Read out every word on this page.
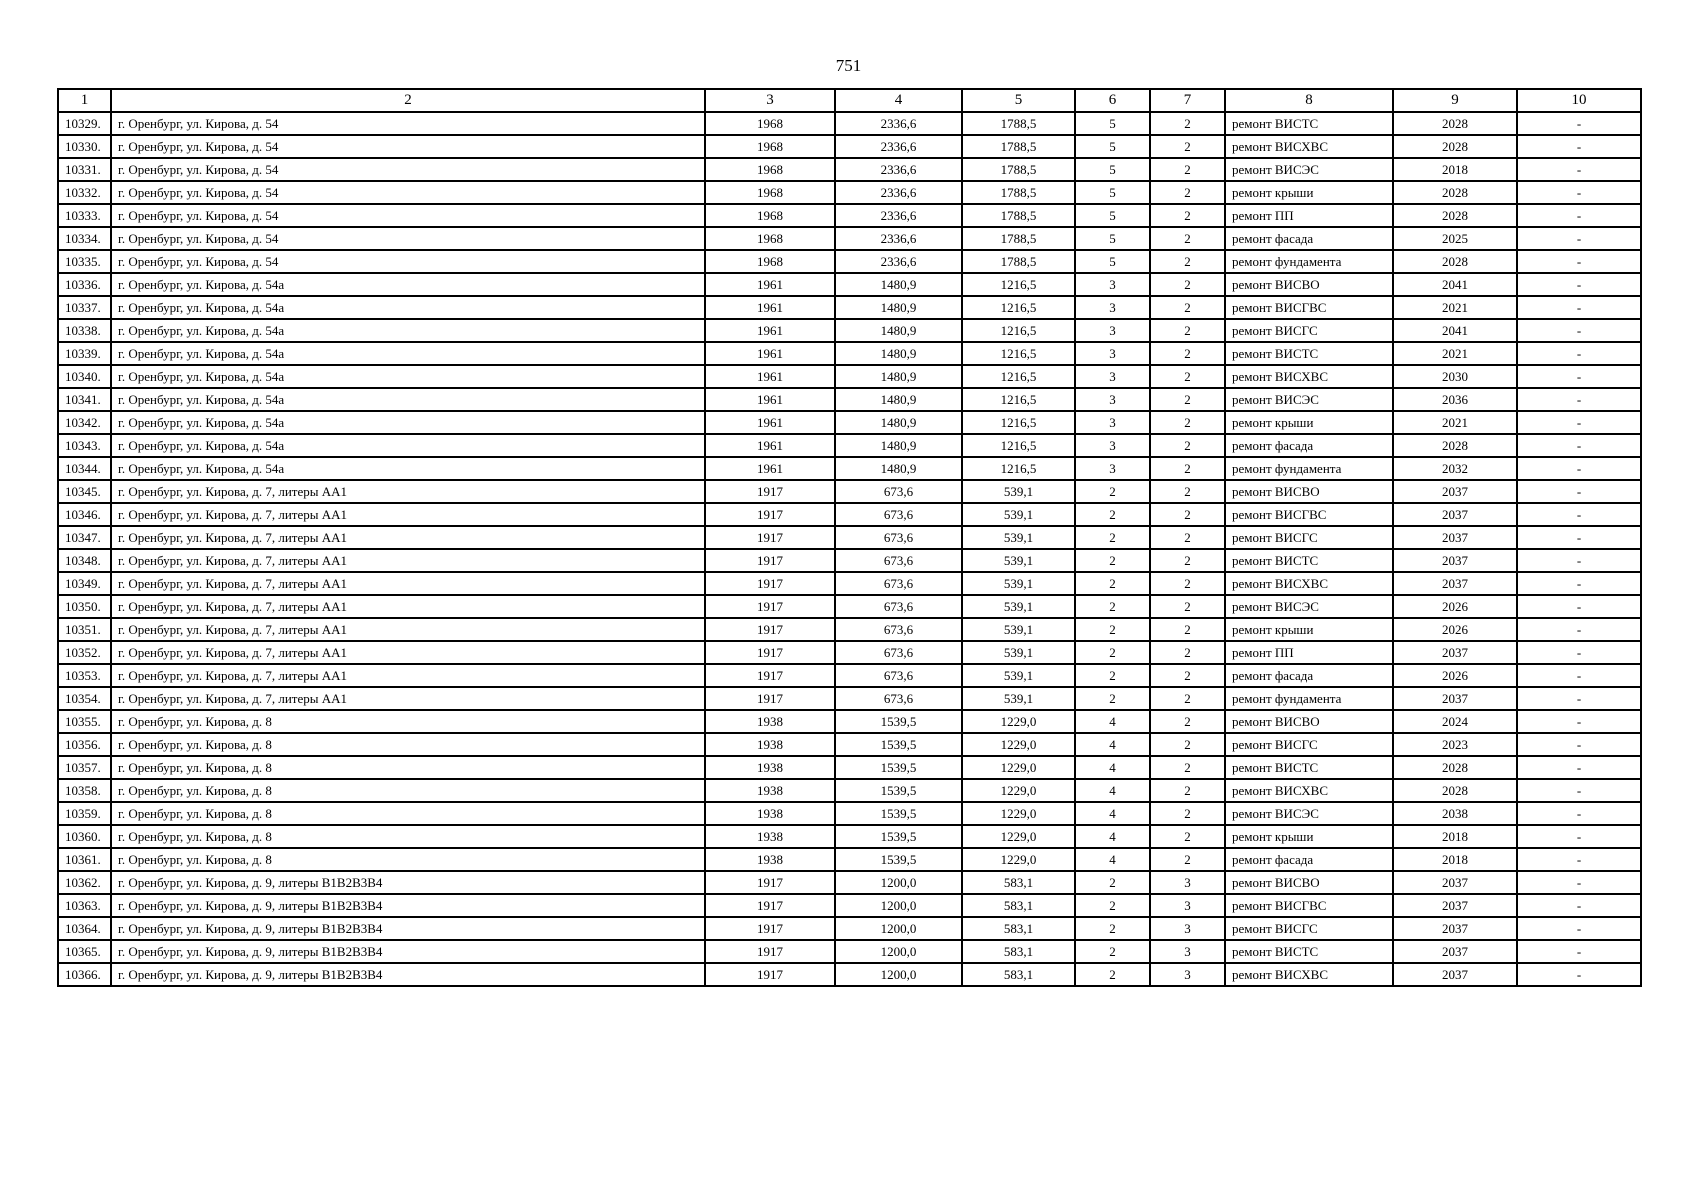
751
1	2	3	4	5	6	7	8	9	10
10329.	г. Оренбург, ул. Кирова, д. 54	1968	2336,6	1788,5	5	2	ремонт ВИСТС	2028	-
10330.	г. Оренбург, ул. Кирова, д. 54	1968	2336,6	1788,5	5	2	ремонт ВИСХВС	2028	-
10331.	г. Оренбург, ул. Кирова, д. 54	1968	2336,6	1788,5	5	2	ремонт ВИСЭС	2018	-
10332.	г. Оренбург, ул. Кирова, д. 54	1968	2336,6	1788,5	5	2	ремонт крыши	2028	-
10333.	г. Оренбург, ул. Кирова, д. 54	1968	2336,6	1788,5	5	2	ремонт ПП	2028	-
10334.	г. Оренбург, ул. Кирова, д. 54	1968	2336,6	1788,5	5	2	ремонт фасада	2025	-
10335.	г. Оренбург, ул. Кирова, д. 54	1968	2336,6	1788,5	5	2	ремонт фундамента	2028	-
10336.	г. Оренбург, ул. Кирова, д. 54а	1961	1480,9	1216,5	3	2	ремонт ВИСВО	2041	-
10337.	г. Оренбург, ул. Кирова, д. 54а	1961	1480,9	1216,5	3	2	ремонт ВИСГВС	2021	-
10338.	г. Оренбург, ул. Кирова, д. 54а	1961	1480,9	1216,5	3	2	ремонт ВИСГС	2041	-
10339.	г. Оренбург, ул. Кирова, д. 54а	1961	1480,9	1216,5	3	2	ремонт ВИСТС	2021	-
10340.	г. Оренбург, ул. Кирова, д. 54а	1961	1480,9	1216,5	3	2	ремонт ВИСХВС	2030	-
10341.	г. Оренбург, ул. Кирова, д. 54а	1961	1480,9	1216,5	3	2	ремонт ВИСЭС	2036	-
10342.	г. Оренбург, ул. Кирова, д. 54а	1961	1480,9	1216,5	3	2	ремонт крыши	2021	-
10343.	г. Оренбург, ул. Кирова, д. 54а	1961	1480,9	1216,5	3	2	ремонт фасада	2028	-
10344.	г. Оренбург, ул. Кирова, д. 54а	1961	1480,9	1216,5	3	2	ремонт фундамента	2032	-
10345.	г. Оренбург, ул. Кирова, д. 7, литеры АА1	1917	673,6	539,1	2	2	ремонт ВИСВО	2037	-
10346.	г. Оренбург, ул. Кирова, д. 7, литеры АА1	1917	673,6	539,1	2	2	ремонт ВИСГВС	2037	-
10347.	г. Оренбург, ул. Кирова, д. 7, литеры АА1	1917	673,6	539,1	2	2	ремонт ВИСГС	2037	-
10348.	г. Оренбург, ул. Кирова, д. 7, литеры АА1	1917	673,6	539,1	2	2	ремонт ВИСТС	2037	-
10349.	г. Оренбург, ул. Кирова, д. 7, литеры АА1	1917	673,6	539,1	2	2	ремонт ВИСХВС	2037	-
10350.	г. Оренбург, ул. Кирова, д. 7, литеры АА1	1917	673,6	539,1	2	2	ремонт ВИСЭС	2026	-
10351.	г. Оренбург, ул. Кирова, д. 7, литеры АА1	1917	673,6	539,1	2	2	ремонт крыши	2026	-
10352.	г. Оренбург, ул. Кирова, д. 7, литеры АА1	1917	673,6	539,1	2	2	ремонт ПП	2037	-
10353.	г. Оренбург, ул. Кирова, д. 7, литеры АА1	1917	673,6	539,1	2	2	ремонт фасада	2026	-
10354.	г. Оренбург, ул. Кирова, д. 7, литеры АА1	1917	673,6	539,1	2	2	ремонт фундамента	2037	-
10355.	г. Оренбург, ул. Кирова, д. 8	1938	1539,5	1229,0	4	2	ремонт ВИСВО	2024	-
10356.	г. Оренбург, ул. Кирова, д. 8	1938	1539,5	1229,0	4	2	ремонт ВИСГС	2023	-
10357.	г. Оренбург, ул. Кирова, д. 8	1938	1539,5	1229,0	4	2	ремонт ВИСТС	2028	-
10358.	г. Оренбург, ул. Кирова, д. 8	1938	1539,5	1229,0	4	2	ремонт ВИСХВС	2028	-
10359.	г. Оренбург, ул. Кирова, д. 8	1938	1539,5	1229,0	4	2	ремонт ВИСЭС	2038	-
10360.	г. Оренбург, ул. Кирова, д. 8	1938	1539,5	1229,0	4	2	ремонт крыши	2018	-
10361.	г. Оренбург, ул. Кирова, д. 8	1938	1539,5	1229,0	4	2	ремонт фасада	2018	-
10362.	г. Оренбург, ул. Кирова, д. 9, литеры В1В2В3В4	1917	1200,0	583,1	2	3	ремонт ВИСВО	2037	-
10363.	г. Оренбург, ул. Кирова, д. 9, литеры В1В2В3В4	1917	1200,0	583,1	2	3	ремонт ВИСГВС	2037	-
10364.	г. Оренбург, ул. Кирова, д. 9, литеры В1В2В3В4	1917	1200,0	583,1	2	3	ремонт ВИСГС	2037	-
10365.	г. Оренбург, ул. Кирова, д. 9, литеры В1В2В3В4	1917	1200,0	583,1	2	3	ремонт ВИСТС	2037	-
10366.	г. Оренбург, ул. Кирова, д. 9, литеры В1В2В3В4	1917	1200,0	583,1	2	3	ремонт ВИСХВС	2037	-
